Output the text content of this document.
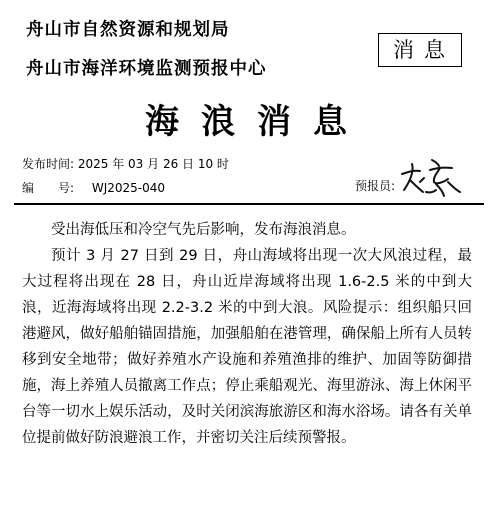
舟山市自然资源和规划局
舟山市海洋环境监测预报中心
消息
海浪消息
发布时间: 2025 年 03 月 26 日 10 时
编　　号: WJ2025-040	预报员:

受出海低压和冷空气先后影响，发布海浪消息。

预计 3 月 27 日到 29 日，舟山海域将出现一次大风浪过程，最大过程将出现在 28 日，舟山近岸海域将出现 1.6-2.5 米的中到大浪，近海海域将出现 2.2-3.2 米的中到大浪。风险提示：组织船只回港避风，做好船舶锚固措施，加强船舶在港管理，确保船上所有人员转移到安全地带；做好养殖水产设施和养殖渔排的维护、加固等防御措施，海上养殖人员撤离工作点；停止乘船观光、海里游泳、海上休闲平台等一切水上娱乐活动，及时关闭滨海旅游区和海水浴场。请各有关单位提前做好防浪避浪工作，并密切关注后续预警报。
